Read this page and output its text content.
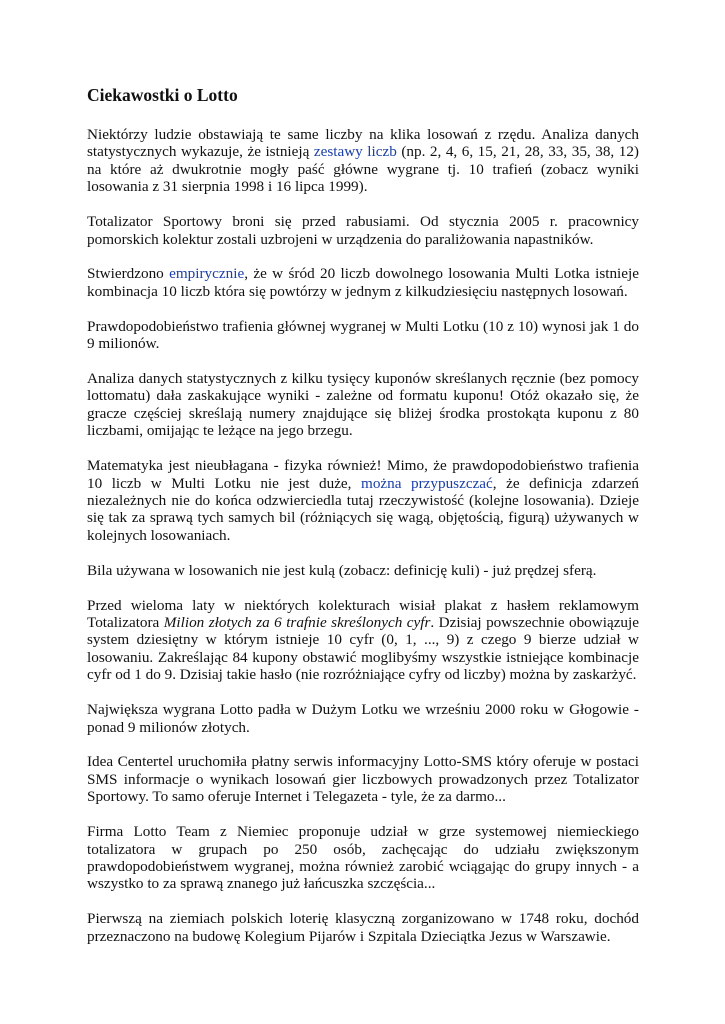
Ciekawostki o Lotto

Niektórzy ludzie obstawiają te same liczby na klika losowań z rzędu. Analiza danych statystycznych wykazuje, że istnieją zestawy liczb (np. 2, 4, 6, 15, 21, 28, 33, 35, 38, 12) na które aż dwukrotnie mogły paść główne wygrane tj. 10 trafień (zobacz wyniki losowania z 31 sierpnia 1998 i 16 lipca 1999).

Totalizator Sportowy broni się przed rabusiami. Od stycznia 2005 r. pracownicy pomorskich kolektur zostali uzbrojeni w urządzenia do paraliżowania napastników.

Stwierdzono empirycznie, że w śród 20 liczb dowolnego losowania Multi Lotka istnieje kombinacja 10 liczb która się powtórzy w jednym z kilkudziesięciu następnych losowań.

Prawdopodobieństwo trafienia głównej wygranej w Multi Lotku (10 z 10) wynosi jak 1 do 9 milionów.

Analiza danych statystycznych z kilku tysięcy kuponów skreślanych ręcznie (bez pomocy lottomatu) dała zaskakujące wyniki - zależne od formatu kuponu! Otóż okazało się, że gracze częściej skreślają numery znajdujące się bliżej środka prostokąta kuponu z 80 liczbami, omijając te leżące na jego brzegu.

Matematyka jest nieubłagana - fizyka również! Mimo, że prawdopodobieństwo trafienia 10 liczb w Multi Lotku nie jest duże, można przypuszczać, że definicja zdarzeń niezależnych nie do końca odzwierciedla tutaj rzeczywistość (kolejne losowania). Dzieje się tak za sprawą tych samych bil (różniących się wagą, objętością, figurą) używanych w kolejnych losowaniach.

Bila używana w losowanich nie jest kulą (zobacz: definicję kuli) - już prędzej sferą.

Przed wieloma laty w niektórych kolekturach wisiał plakat z hasłem reklamowym Totalizatora Milion złotych za 6 trafnie skreślonych cyfr. Dzisiaj powszechnie obowiązuje system dziesiętny w którym istnieje 10 cyfr (0, 1, ..., 9) z czego 9 bierze udział w losowaniu. Zakreślając 84 kupony obstawić moglibyśmy wszystkie istniejące kombinacje cyfr od 1 do 9. Dzisiaj takie hasło (nie rozróżniające cyfry od liczby) można by zaskarżyć.

Największa wygrana Lotto padła w Dużym Lotku we wrześniu 2000 roku w Głogowie - ponad 9 milionów złotych.

Idea Centertel uruchomiła płatny serwis informacyjny Lotto-SMS który oferuje w postaci SMS informacje o wynikach losowań gier liczbowych prowadzonych przez Totalizator Sportowy. To samo oferuje Internet i Telegazeta - tyle, że za darmo...

Firma Lotto Team z Niemiec proponuje udział w grze systemowej niemieckiego totalizatora w grupach po 250 osób, zachęcając do udziału zwiększonym prawdopodobieństwem wygranej, można również zarobić wciągając do grupy innych - a wszystko to za sprawą znanego już łańcuszka szczęścia...

Pierwszą na ziemiach polskich loterię klasyczną zorganizowano w 1748 roku, dochód przeznaczono na budowę Kolegium Pijarów i Szpitala Dzieciątka Jezus w Warszawie.
